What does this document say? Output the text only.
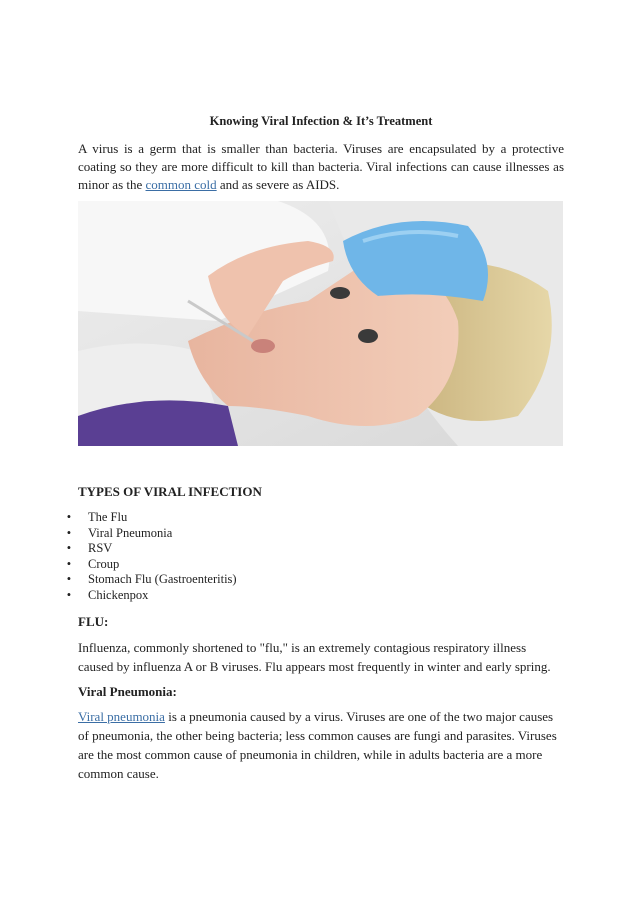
Knowing Viral Infection & It’s Treatment

A virus is a germ that is smaller than bacteria. Viruses are encapsulated by a protective coating so they are more difficult to kill than bacteria. Viral infections can cause illnesses as minor as the common cold and as severe as AIDS.

TYPES OF VIRAL INFECTION
•	The Flu
•	Viral Pneumonia
•	RSV
•	Croup
•	Stomach Flu (Gastroenteritis)
•	Chickenpox
FLU:

Influenza, commonly shortened to "flu," is an extremely contagious respiratory illness caused by influenza A or B viruses. Flu appears most frequently in winter and early spring.

Viral Pneumonia:

Viral pneumonia is a pneumonia caused by a virus. Viruses are one of the two major causes of pneumonia, the other being bacteria; less common causes are fungi and parasites. Viruses are the most common cause of pneumonia in children, while in adults bacteria are a more common cause.
